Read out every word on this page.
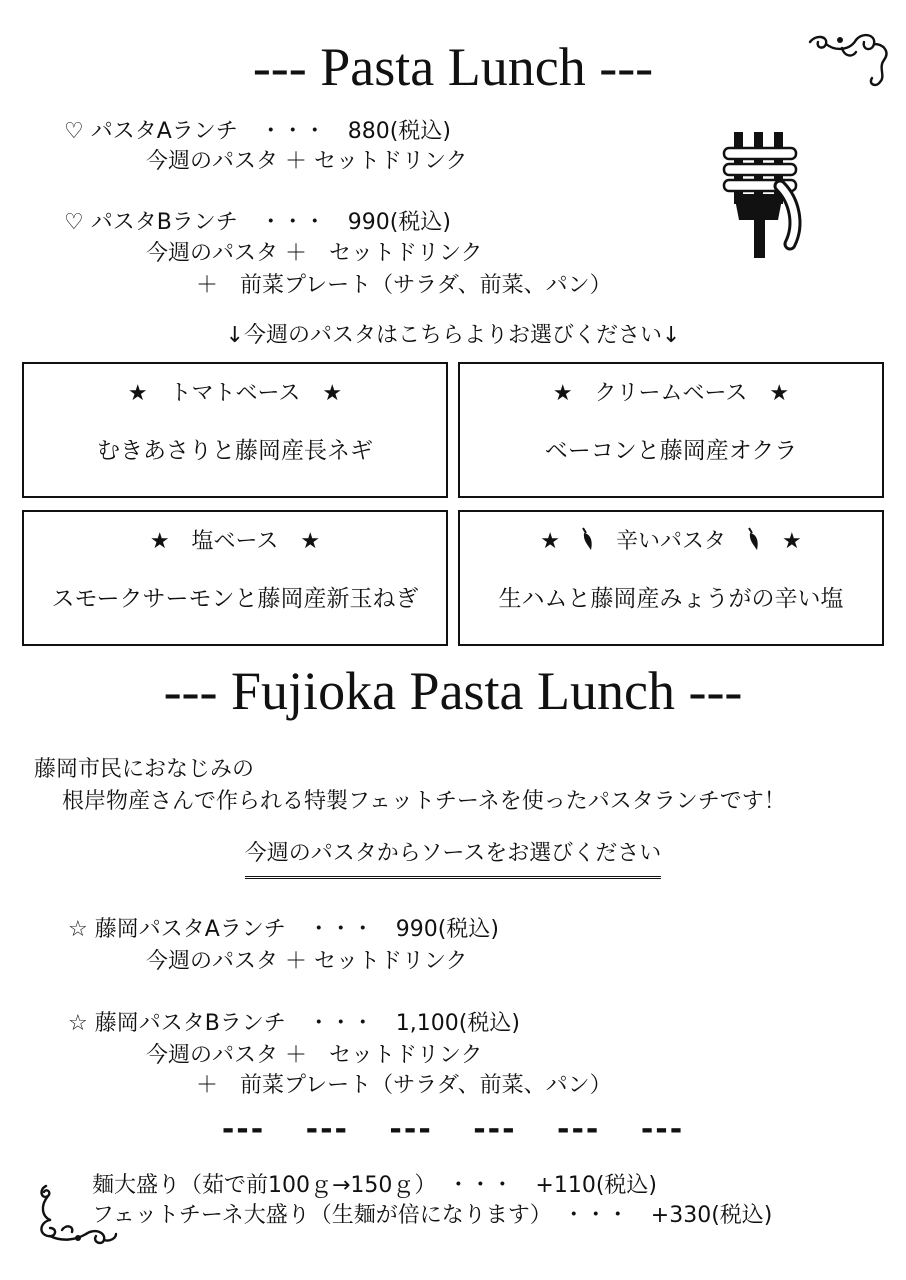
--- Pasta Lunch ---
♡ パスタAランチ　・・・　880(税込)
今週のパスタ ＋ セットドリンク
♡ パスタBランチ　・・・　990(税込)
今週のパスタ ＋　セットドリンク
＋　前菜プレート（サラダ、前菜、パン）
↓今週のパスタはこちらよりお選びください↓
★　トマトベース　★
むきあさりと藤岡産長ネギ
★　クリームベース　★
ベーコンと藤岡産オクラ
★　塩ベース　★
スモークサーモンと藤岡産新玉ねぎ
★	辛いパスタ	★
生ハムと藤岡産みょうがの辛い塩
--- Fujioka Pasta Lunch ---
藤岡市民におなじみの
根岸物産さんで作られる特製フェットチーネを使ったパスタランチです！
今週のパスタからソースをお選びください
☆ 藤岡パスタAランチ　・・・　990(税込)
今週のパスタ ＋ セットドリンク
☆ 藤岡パスタBランチ　・・・　1,100(税込)
今週のパスタ ＋　セットドリンク
＋　前菜プレート（サラダ、前菜、パン）
--- --- --- --- --- ---
麺大盛り（茹で前100ｇ→150ｇ）　・・・　+110(税込)
フェットチーネ大盛り（生麺が倍になります）　・・・　+330(税込)
